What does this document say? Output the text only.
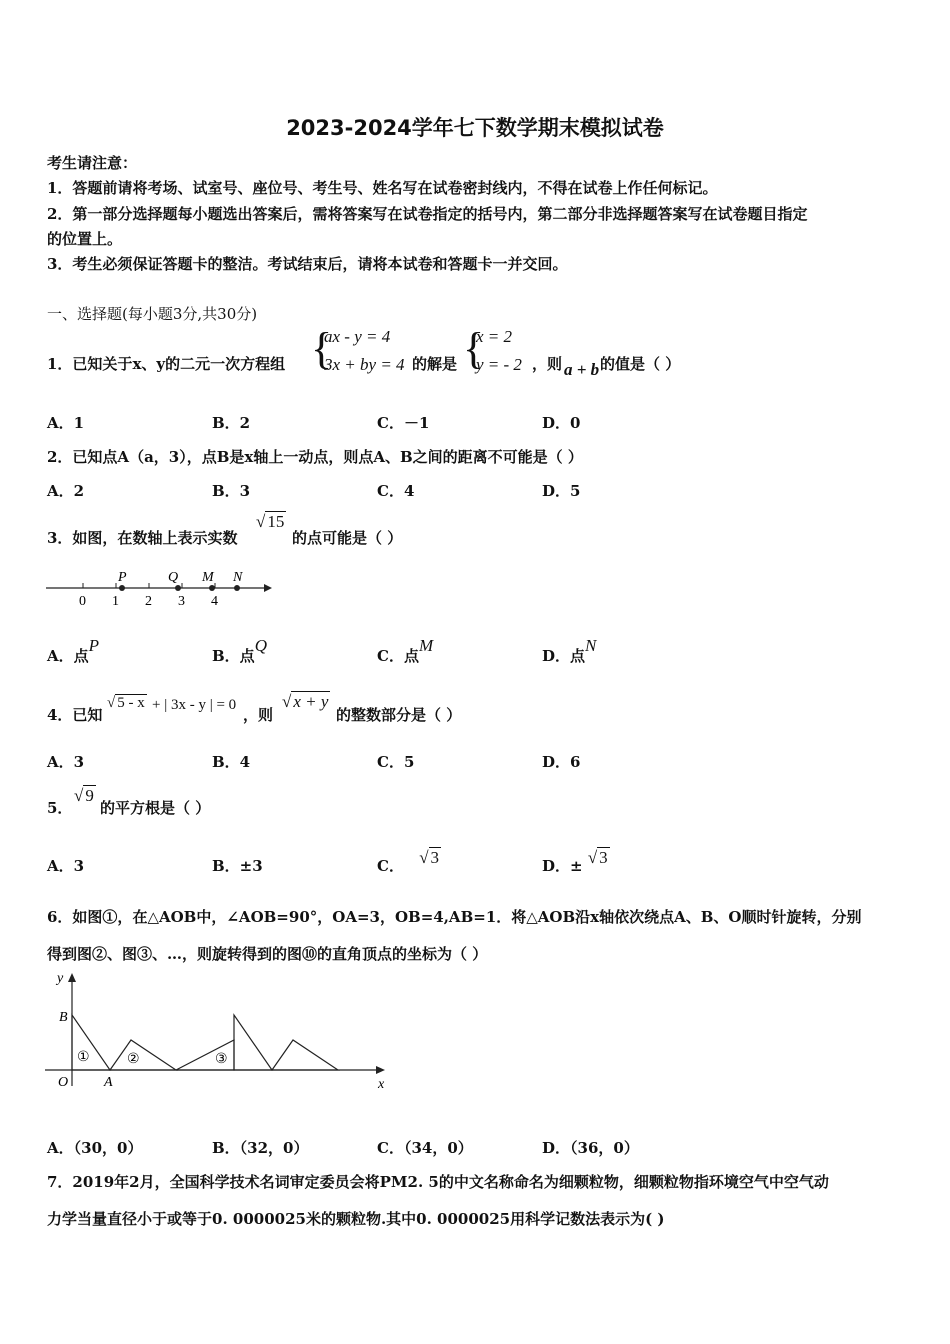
2023-2024学年七下数学期末模拟试卷
考生请注意：
1．答题前请将考场、试室号、座位号、考生号、姓名写在试卷密封线内，不得在试卷上作任何标记。
2．第一部分选择题每小题选出答案后，需将答案写在试卷指定的括号内，第二部分非选择题答案写在试卷题目指定
的位置上。
3．考生必须保证答题卡的整洁。考试结束后，请将本试卷和答题卡一并交回。
一、选择题(每小题3分,共30分)
1．已知关于x、y的二元一次方程组 {
ax - y = 4
3x + by = 4 的解是 {
x = 2
y = - 2 ，则 a + b 的值是（ ）
A．1	B．2	C．－1	D．0
2．已知点A（a，3），点B是x轴上一动点，则点A、B之间的距离不可能是（ ）
A．2	B．3	C．4	D．5
3．如图，在数轴上表示实数
√ 15
的点可能是（ ）
0 1 2 3 4
P	Q M N
A．点P
B．点Q
C．点M
D．点N
4．已知
√ 5 - x + | 3x - y | = 0
，则
√ x + y
的整数部分是（ ）
A．3	B．4	C．5	D．6
5．
√ 9
的平方根是（ ）
A．3	B．±3	C． √ 3	D．± √ 3
6．如图①，在△AOB中，∠AOB=90°，OA=3，OB=4,AB=1．将△AOB沿x轴依次绕点A、B、O顺时针旋转，分别
得到图②、图③、…，则旋转得到的图⑩的直角顶点的坐标为（ ）
y
x
B
O	A
①	②	③
A．（30，0）	B．（32，0）	C．（34，0）	D．（36，0）
7．2019年2月，全国科学技术名词审定委员会将PM2. 5的中文名称命名为细颗粒物，细颗粒物指环境空气中空气动
力学当量直径小于或等于0. 0000025米的颗粒物.其中0. 0000025用科学记数法表示为( )
